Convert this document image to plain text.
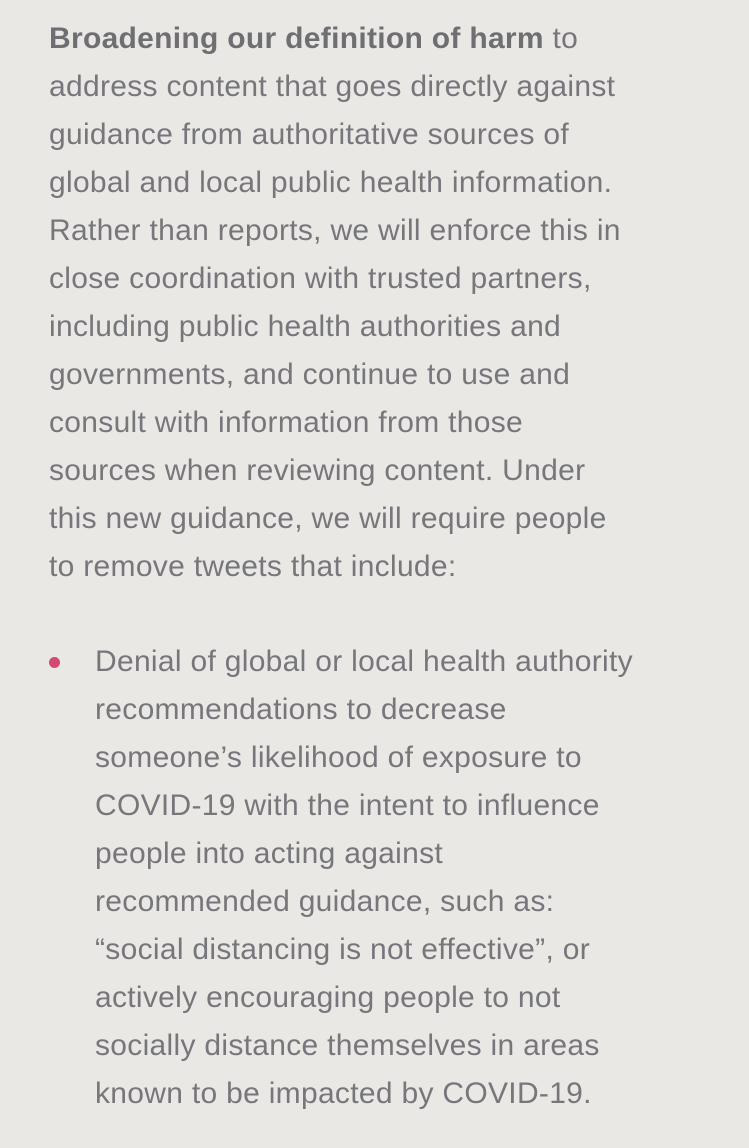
Broadening our definition of harm to
address content that goes directly against
guidance from authoritative sources of
global and local public health information.
Rather than reports, we will enforce this in
close coordination with trusted partners,
including public health authorities and
governments, and continue to use and
consult with information from those
sources when reviewing content. Under
this new guidance, we will require people
to remove tweets that include:

Denial of global or local health authority
recommendations to decrease
someone’s likelihood of exposure to
COVID-19 with the intent to influence
people into acting against
recommended guidance, such as:
“social distancing is not effective”, or
actively encouraging people to not
socially distance themselves in areas
known to be impacted by COVID-19.
